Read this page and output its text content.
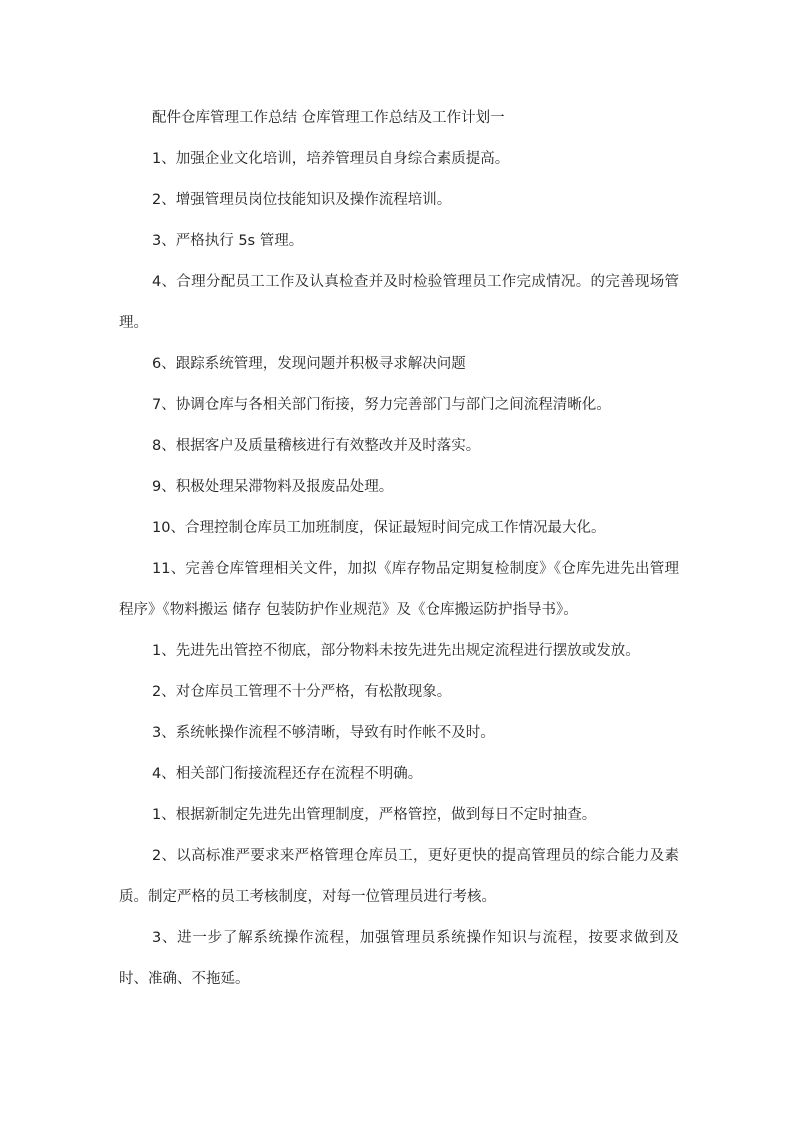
配件仓库管理工作总结 仓库管理工作总结及工作计划一

1、加强企业文化培训，培养管理员自身综合素质提高。

2、增强管理员岗位技能知识及操作流程培训。

3、严格执行 5s 管理。

4、合理分配员工工作及认真检查并及时检验管理员工作完成情况。的完善现场管理。

6、跟踪系统管理，发现问题并积极寻求解决问题

7、协调仓库与各相关部门衔接，努力完善部门与部门之间流程清晰化。

8、根据客户及质量稽核进行有效整改并及时落实。

9、积极处理呆滞物料及报废品处理。

10、合理控制仓库员工加班制度，保证最短时间完成工作情况最大化。

11、完善仓库管理相关文件，加拟《库存物品定期复检制度》《仓库先进先出管理程序》《物料搬运 储存 包装防护作业规范》及《仓库搬运防护指导书》。

1、先进先出管控不彻底，部分物料未按先进先出规定流程进行摆放或发放。

2、对仓库员工管理不十分严格，有松散现象。

3、系统帐操作流程不够清晰，导致有时作帐不及时。

4、相关部门衔接流程还存在流程不明确。

1、根据新制定先进先出管理制度，严格管控，做到每日不定时抽查。

2、以高标准严要求来严格管理仓库员工，更好更快的提高管理员的综合能力及素质。制定严格的员工考核制度，对每一位管理员进行考核。

3、进一步了解系统操作流程，加强管理员系统操作知识与流程，按要求做到及时、准确、不拖延。
